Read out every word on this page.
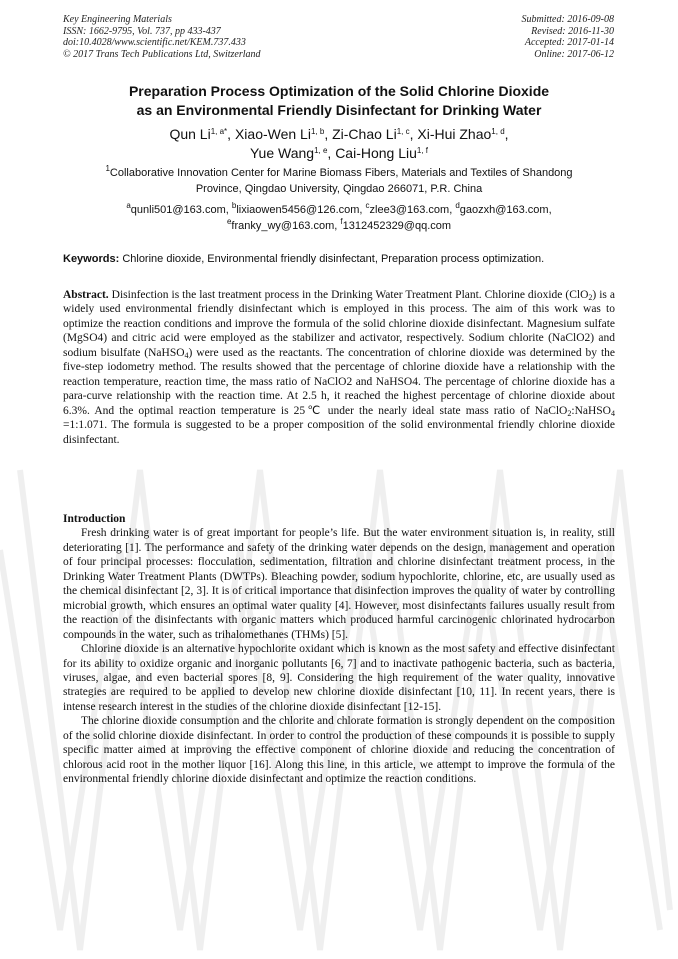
Key Engineering Materials
ISSN: 1662-9795, Vol. 737, pp 433-437
doi:10.4028/www.scientific.net/KEM.737.433
© 2017 Trans Tech Publications Ltd, Switzerland
Submitted: 2016-09-08
Revised: 2016-11-30
Accepted: 2017-01-14
Online: 2017-06-12
Preparation Process Optimization of the Solid Chlorine Dioxide
as an Environmental Friendly Disinfectant for Drinking Water
Qun $Li^{1, a*}$, Xiao-Wen Li$^{1, b}$, Zi-Chao Li$^{1, c}$, Xi-Hui Zhao$^{1, d}$,
Yue Wang$^{1, e}$, Cai-Hong Liu$^{1, f}$
$^1$Collaborative Innovation Center for Marine Biomass Fibers, Materials and Textiles of Shandong
Province, Qingdao University, Qingdao 266071, P.R. China
$^a$qunli501@163.com, $^b$lixiaowen5456@126.com, $^c$zlee3@163.com, $^d$gaozxh@163.com,
$^e$franky_wy@163.com, $^f$1312452329@qq.com
Keywords: Chlorine dioxide, Environmental friendly disinfectant, Preparation process optimization.

Abstract. Disinfection is the last treatment process in the Drinking Water Treatment Plant. Chlorine dioxide (ClO$_2$) is a widely used environmental friendly disinfectant which is employed in this process. The aim of this work was to optimize the reaction conditions and improve the formula of the solid chlorine dioxide disinfectant. Magnesium sulfate (MgSO4) and citric acid were employed as the stabilizer and activator, respectively. Sodium chlorite (NaClO2) and sodium bisulfate (NaHSO$_4$) were used as the reactants. The concentration of chlorine dioxide was determined by the five-step iodometry method. The results showed that the percentage of chlorine dioxide have a relationship with the reaction temperature, reaction time, the mass ratio of NaClO2 and NaHSO4. The percentage of chlorine dioxide has a para-curve relationship with the reaction time. At 2.5 h, it reached the highest percentage of chlorine dioxide about 6.3%. And the optimal reaction temperature is 25℃ under the nearly ideal state mass ratio of NaClO$_2$:NaHSO$_4$ =1:1.071. The formula is suggested to be a proper composition of the solid environmental friendly chlorine dioxide disinfectant.

Introduction

Fresh drinking water is of great important for people’s life. But the water environment situation is, in reality, still deteriorating [1]. The performance and safety of the drinking water depends on the design, management and operation of four principal processes: flocculation, sedimentation, filtration and chlorine disinfectant treatment process, in the Drinking Water Treatment Plants (DWTPs). Bleaching powder, sodium hypochlorite, chlorine, etc, are usually used as the chemical disinfectant [2, 3]. It is of critical importance that disinfection improves the quality of water by controlling microbial growth, which ensures an optimal water quality [4]. However, most disinfectants failures usually result from the reaction of the disinfectants with organic matters which produced harmful carcinogenic chlorinated hydrocarbon compounds in the water, such as trihalomethanes (THMs) [5].

Chlorine dioxide is an alternative hypochlorite oxidant which is known as the most safety and effective disinfectant for its ability to oxidize organic and inorganic pollutants [6, 7] and to inactivate pathogenic bacteria, such as bacteria, viruses, algae, and even bacterial spores [8, 9]. Considering the high requirement of the water quality, innovative strategies are required to be applied to develop new chlorine dioxide disinfectant [10, 11]. In recent years, there is intense research interest in the studies of the chlorine dioxide disinfectant [12-15].

The chlorine dioxide consumption and the chlorite and chlorate formation is strongly dependent on the composition of the solid chlorine dioxide disinfectant. In order to control the production of these compounds it is possible to supply specific matter aimed at improving the effective component of chlorine dioxide and reducing the concentration of chlorous acid root in the mother liquor [16]. Along this line, in this article, we attempt to improve the formula of the environmental friendly chlorine dioxide disinfectant and optimize the reaction conditions.
